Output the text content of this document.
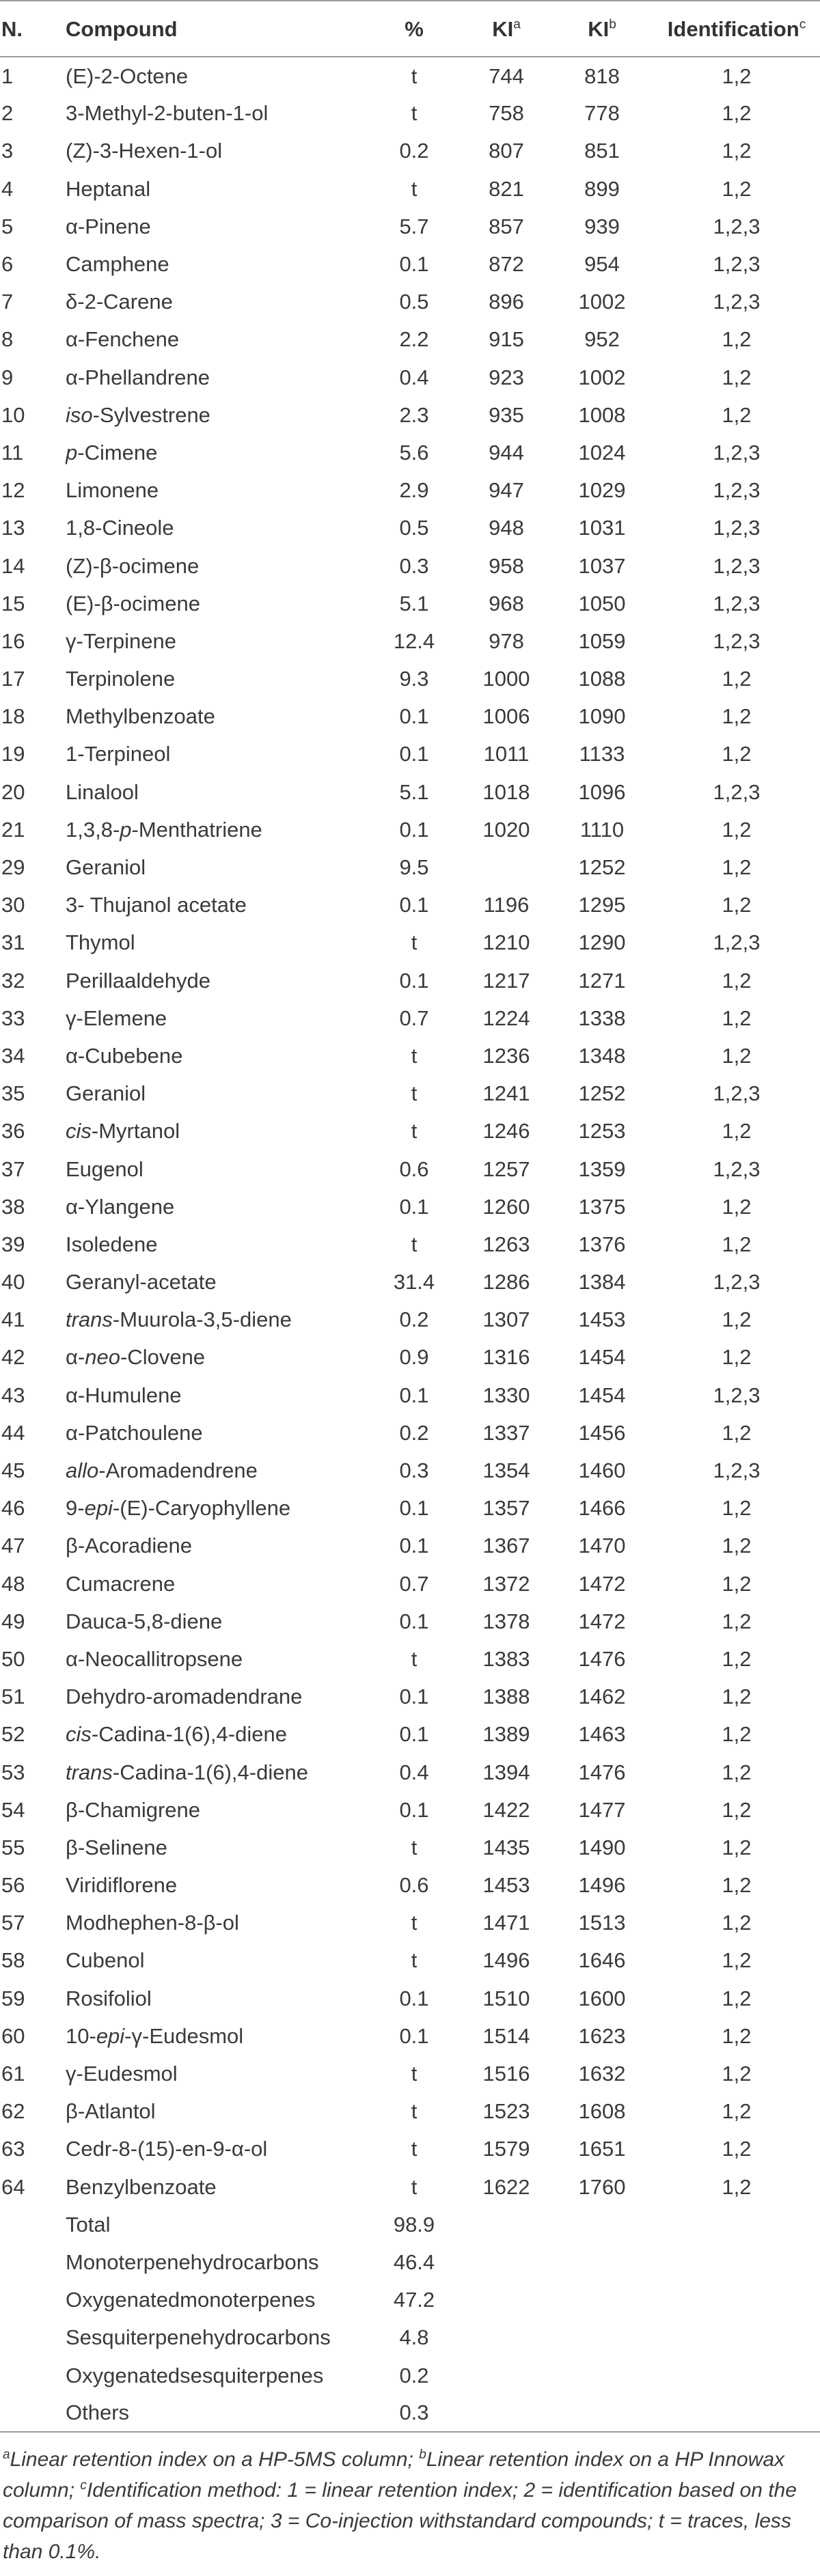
N.	Compound	%	$KI^a$	$KI^b$	Identification$^c$
1	(E)-2-Octene	t	744	818	1,2
2	3-Methyl-2-buten-1-ol	t	758	778	1,2
3	(Z)-3-Hexen-1-ol	0.2	807	851	1,2
4	Heptanal	t	821	899	1,2
5	α-Pinene	5.7	857	939	1,2,3
6	Camphene	0.1	872	954	1,2,3
7	δ-2-Carene	0.5	896	1002	1,2,3
8	α-Fenchene	2.2	915	952	1,2
9	α-Phellandrene	0.4	923	1002	1,2
10	iso-Sylvestrene	2.3	935	1008	1,2
11	p-Cimene	5.6	944	1024	1,2,3
12	Limonene	2.9	947	1029	1,2,3
13	1,8-Cineole	0.5	948	1031	1,2,3
14	(Z)-β-ocimene	0.3	958	1037	1,2,3
15	(E)-β-ocimene	5.1	968	1050	1,2,3
16	γ-Terpinene	12.4	978	1059	1,2,3
17	Terpinolene	9.3	1000	1088	1,2
18	Methylbenzoate	0.1	1006	1090	1,2
19	1-Terpineol	0.1	1011	1133	1,2
20	Linalool	5.1	1018	1096	1,2,3
21	1,3,8-p-Menthatriene	0.1	1020	1110	1,2
29	Geraniol	9.5		1252	1,2
30	3- Thujanol acetate	0.1	1196	1295	1,2
31	Thymol	t	1210	1290	1,2,3
32	Perillaaldehyde	0.1	1217	1271	1,2
33	γ-Elemene	0.7	1224	1338	1,2
34	α-Cubebene	t	1236	1348	1,2
35	Geraniol	t	1241	1252	1,2,3
36	cis-Myrtanol	t	1246	1253	1,2
37	Eugenol	0.6	1257	1359	1,2,3
38	α-Ylangene	0.1	1260	1375	1,2
39	Isoledene	t	1263	1376	1,2
40	Geranyl-acetate	31.4	1286	1384	1,2,3
41	trans-Muurola-3,5-diene	0.2	1307	1453	1,2
42	α-neo-Clovene	0.9	1316	1454	1,2
43	α-Humulene	0.1	1330	1454	1,2,3
44	α-Patchoulene	0.2	1337	1456	1,2
45	allo-Aromadendrene	0.3	1354	1460	1,2,3
46	9-epi-(E)-Caryophyllene	0.1	1357	1466	1,2
47	β-Acoradiene	0.1	1367	1470	1,2
48	Cumacrene	0.7	1372	1472	1,2
49	Dauca-5,8-diene	0.1	1378	1472	1,2
50	α-Neocallitropsene	t	1383	1476	1,2
51	Dehydro-aromadendrane	0.1	1388	1462	1,2
52	cis-Cadina-1(6),4-diene	0.1	1389	1463	1,2
53	trans-Cadina-1(6),4-diene	0.4	1394	1476	1,2
54	β-Chamigrene	0.1	1422	1477	1,2
55	β-Selinene	t	1435	1490	1,2
56	Viridiflorene	0.6	1453	1496	1,2
57	Modhephen-8-β-ol	t	1471	1513	1,2
58	Cubenol	t	1496	1646	1,2
59	Rosifoliol	0.1	1510	1600	1,2
60	10-epi-γ-Eudesmol	0.1	1514	1623	1,2
61	γ-Eudesmol	t	1516	1632	1,2
62	β-Atlantol	t	1523	1608	1,2
63	Cedr-8-(15)-en-9-α-ol	t	1579	1651	1,2
64	Benzylbenzoate	t	1622	1760	1,2
	Total	98.9			
	Monoterpenehydrocarbons	46.4			
	Oxygenatedmonoterpenes	47.2			
	Sesquiterpenehydrocarbons	4.8			
	Oxygenatedsesquiterpenes	0.2			
	Others	0.3			
$^a$Linear retention index on a HP-5MS column; $^b$Linear retention index on a HP Innowax column; $^c$Identification method: 1 = linear retention index; 2 = identification based on the comparison of mass spectra; 3 = Co-injection withstandard compounds; t = traces, less than 0.1%.
